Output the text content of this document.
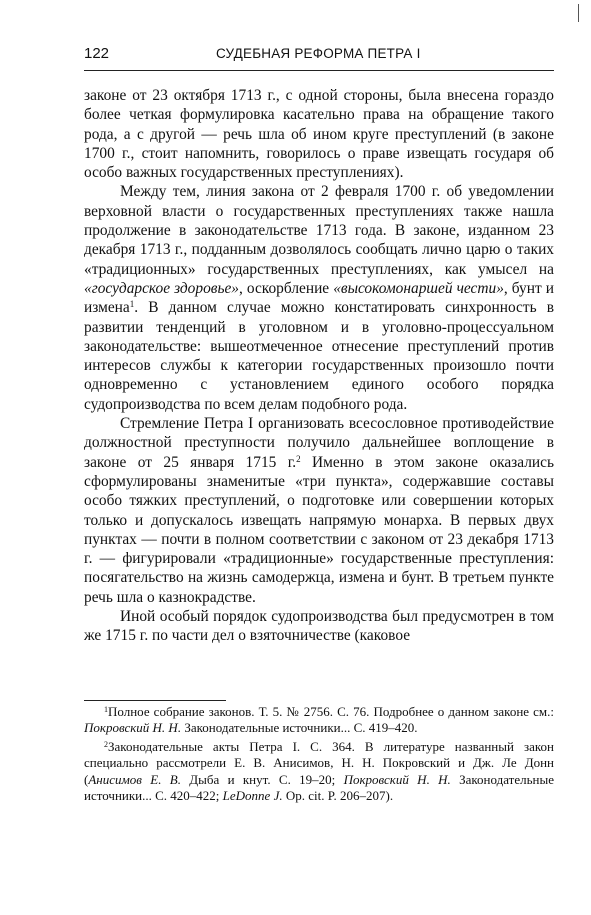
122	СУДЕБНАЯ РЕФОРМА ПЕТРА I

законе от 23 октября 1713 г., с одной стороны, была внесена гораздо более четкая формулировка касательно права на обращение такого рода, а с другой — речь шла об ином круге преступлений (в законе 1700 г., стоит напомнить, говорилось о праве извещать государя об особо важных государственных преступлениях).

Между тем, линия закона от 2 февраля 1700 г. об уведомлении верховной власти о государственных преступлениях также нашла продолжение в законодательстве 1713 года. В законе, изданном 23 декабря 1713 г., подданным дозволялось сообщать лично царю о таких «традиционных» государственных преступлениях, как умысел на «государское здоровье», оскорбление «высокомонаршей чести», бунт и измена$^1$. В данном случае можно констатировать синхронность в развитии тенденций в уголовном и в уголовно-процессуальном законодательстве: вышеотмеченное отнесение преступлений против интересов службы к категории государственных произошло почти одновременно с установлением единого особого порядка судопроизводства по всем делам подобного рода.

Стремление Петра I организовать всесословное противодействие должностной преступности получило дальнейшее воплощение в законе от 25 января 1715 г.$^2$ Именно в этом законе оказались сформулированы знаменитые «три пункта», содержавшие составы особо тяжких преступлений, о подготовке или совершении которых только и допускалось извещать напрямую монарха. В первых двух пунктах — почти в полном соответствии с законом от 23 декабря 1713 г. — фигурировали «традиционные» государственные преступления: посягательство на жизнь самодержца, измена и бунт. В третьем пункте речь шла о казнокрадстве.

Иной особый порядок судопроизводства был предусмотрен в том же 1715 г. по части дел о взяточничестве (каковое

$^1$Полное собрание законов. Т. 5. № 2756. С. 76. Подробнее о данном законе см.: Покровский Н. Н. Законодательные источники... С. 419–420.

$^2$Законодательные акты Петра I. С. 364. В литературе названный закон специально рассмотрели Е. В. Анисимов, Н. Н. Покровский и Дж. Ле Донн (Анисимов Е. В. Дыба и кнут. С. 19–20; Покровский Н. Н. Законодательные источники... С. 420–422; LeDonne J. Op. cit. P. 206–207).
